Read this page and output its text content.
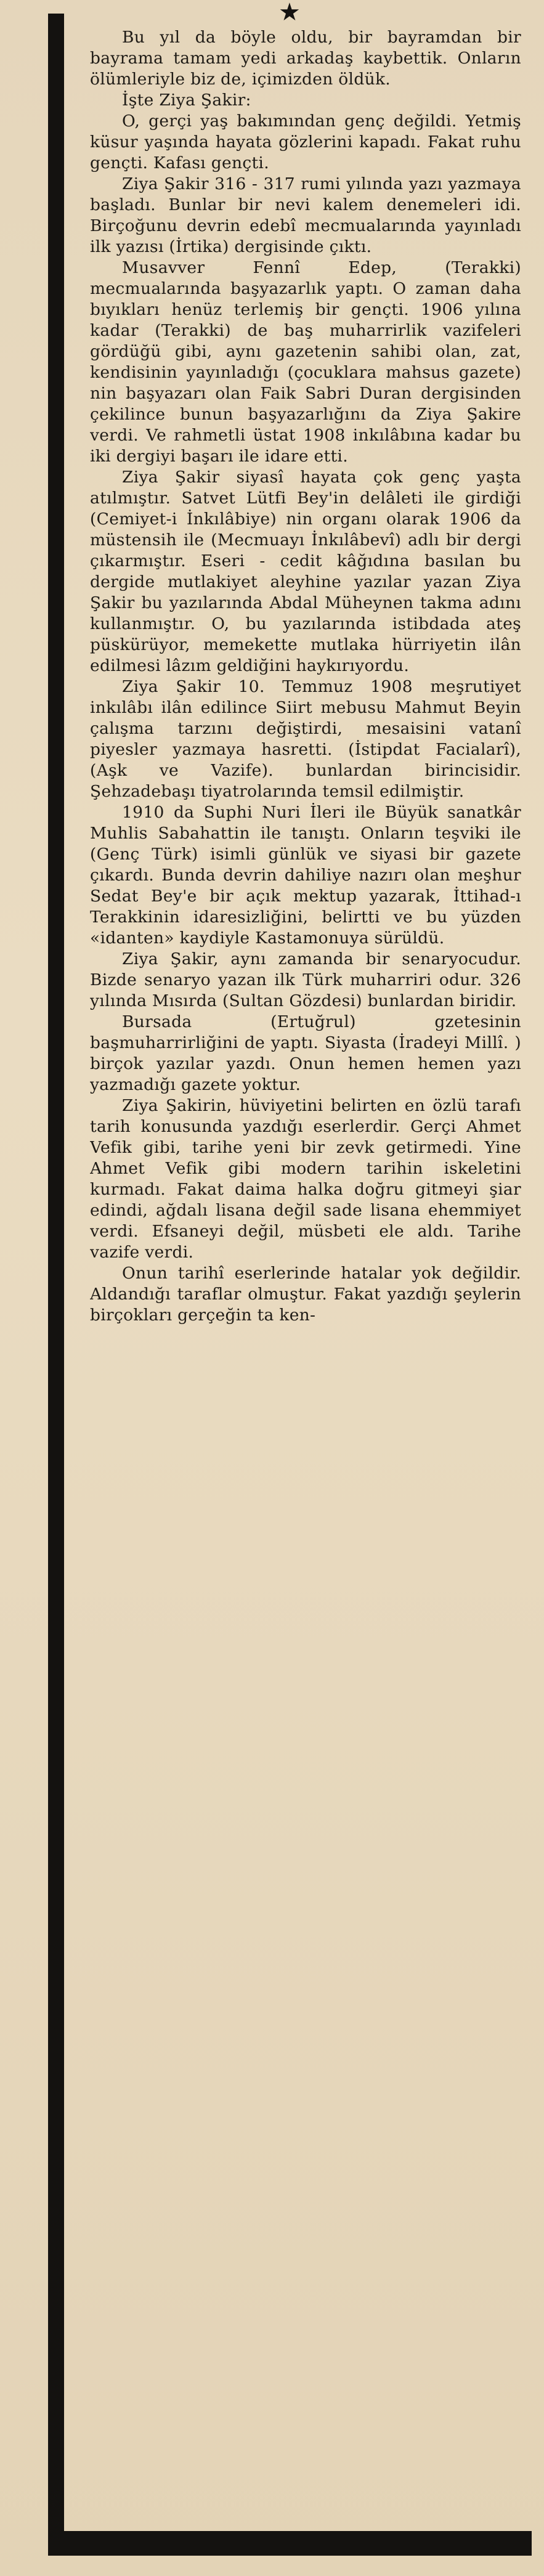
★

Bu yıl da böyle oldu, bir bayramdan bir bayrama tamam yedi arkadaş kaybettik. Onların ölümleriyle biz de, içimizden öldük.

İşte Ziya Şakir:

O, gerçi yaş bakımından genç değildi. Yetmiş küsur yaşında hayata gözlerini kapadı. Fakat ruhu gençti. Kafası gençti.

Ziya Şakir 316 - 317 rumi yılında yazı yazmaya başladı. Bunlar bir nevi kalem denemeleri idi. Birçoğunu devrin edebî mecmualarında yayınladı ilk yazısı (İrtika) dergisinde çıktı.

Musavver Fennî Edep, (Terakki) mecmualarında başyazarlık yaptı. O zaman daha bıyıkları henüz terlemiş bir gençti. 1906 yılına kadar (Terakki) de baş muharrirlik vazifeleri gördüğü gibi, aynı gazetenin sahibi olan, zat, kendisinin yayınladığı (çocuklara mahsus gazete) nin başyazarı olan Faik Sabri Duran dergisinden çekilince bunun başyazarlığını da Ziya Şakire verdi. Ve rahmetli üstat 1908 inkılâbına kadar bu iki dergiyi başarı ile idare etti.

Ziya Şakir siyasî hayata çok genç yaşta atılmıştır. Satvet Lütfi Bey'in delâleti ile girdiği (Cemiyet-i İnkılâbiye) nin organı olarak 1906 da müstensih ile (Mecmuayı İnkılâbevî) adlı bir dergi çıkarmıştır. Eseri - cedit kâğıdına basılan bu dergide mutlakiyet aleyhine yazılar yazan Ziya Şakir bu yazılarında Abdal Müheynen takma adını kullanmıştır. O, bu yazılarında istibdada ateş püskürüyor, memekette mutlaka hürriyetin ilân edilmesi lâzım geldiğini haykırıyordu.

Ziya Şakir 10. Temmuz 1908 meşrutiyet inkılâbı ilân edilince Siirt mebusu Mahmut Beyin çalışma tarzını değiştirdi, mesaisini vatanî piyesler yazmaya hasretti. (İstipdat Facialarî), (Aşk ve Vazife). bunlardan birincisidir. Şehzadebaşı tiyatrolarında temsil edilmiştir.

1910 da Suphi Nuri İleri ile Büyük sanatkâr Muhlis Sabahattin ile tanıştı. Onların teşviki ile (Genç Türk) isimli günlük ve siyasi bir gazete çıkardı. Bunda devrin dahiliye nazırı olan meşhur Sedat Bey'e bir açık mektup yazarak, İttihad-ı Terakkinin idaresizliğini, belirtti ve bu yüzden «idanten» kaydiyle Kastamonuya sürüldü.

Ziya Şakir, aynı zamanda bir senaryocudur. Bizde senaryo yazan ilk Türk muharriri odur. 326 yılında Mısırda (Sultan Gözdesi) bunlardan biridir.

Bursada (Ertuğrul) gzetesinin başmuharrirliğini de yaptı. Siyasta (İradeyi Millî. ) birçok yazılar yazdı. Onun hemen hemen yazı yazmadığı gazete yoktur.

Ziya Şakirin, hüviyetini belirten en özlü tarafı tarih konusunda yazdığı eserlerdir. Gerçi Ahmet Vefik gibi, tarihe yeni bir zevk getirmedi. Yine Ahmet Vefik gibi modern tarihin iskeletini kurmadı. Fakat daima halka doğru gitmeyi şiar edindi, ağdalı lisana değil sade lisana ehemmiyet verdi. Efsaneyi değil, müsbeti ele aldı. Tarihe vazife verdi.

Onun tarihî eserlerinde hatalar yok değildir. Aldandığı taraflar olmuştur. Fakat yazdığı şeylerin birçokları gerçeğin ta ken-
